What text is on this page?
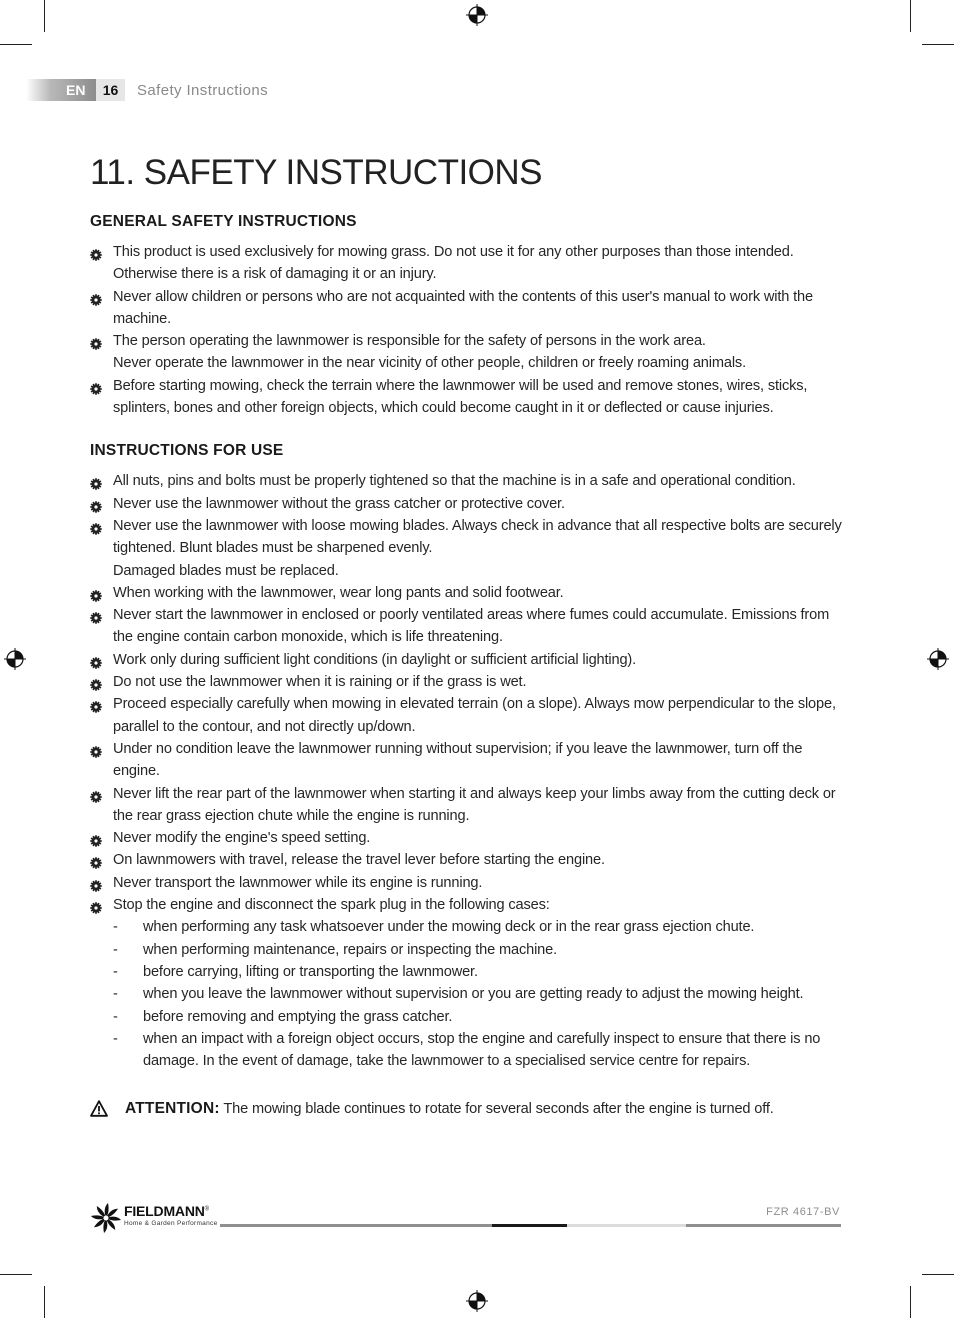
EN	16	Safety Instructions
11. SAFETY INSTRUCTIONS
GENERAL SAFETY INSTRUCTIONS
This product is used exclusively for mowing grass. Do not use it for any other purposes than those intended. Otherwise there is a risk of damaging it or an injury.
Never allow children or persons who are not acquainted with the contents of this user's manual to work with the machine.
The person operating the lawnmower is responsible for the safety of persons in the work area.
Never operate the lawnmower in the near vicinity of other people, children or freely roaming animals.
Before starting mowing, check the terrain where the lawnmower will be used and remove stones, wires, sticks, splinters, bones and other foreign objects, which could become caught in it or deflected or cause injuries.
INSTRUCTIONS FOR USE
All nuts, pins and bolts must be properly tightened so that the machine is in a safe and operational condition.
Never use the lawnmower without the grass catcher or protective cover.
Never use the lawnmower with loose mowing blades. Always check in advance that all respective bolts are securely tightened. Blunt blades must be sharpened evenly.
Damaged blades must be replaced.
When working with the lawnmower, wear long pants and solid footwear.
Never start the lawnmower in enclosed or poorly ventilated areas where fumes could accumulate. Emissions from the engine contain carbon monoxide, which is life threatening.
Work only during sufficient light conditions (in daylight or sufficient artificial lighting).
Do not use the lawnmower when it is raining or if the grass is wet.
Proceed especially carefully when mowing in elevated terrain (on a slope). Always mow perpendicular to the slope, parallel to the contour, and not directly up/down.
Under no condition leave the lawnmower running without supervision; if you leave the lawnmower, turn off the engine.
Never lift the rear part of the lawnmower when starting it and always keep your limbs away from the cutting deck or the rear grass ejection chute while the engine is running.
Never modify the engine's speed setting.
On lawnmowers with travel, release the travel lever before starting the engine.
Never transport the lawnmower while its engine is running.
Stop the engine and disconnect the spark plug in the following cases:
- when performing any task whatsoever under the mowing deck or in the rear grass ejection chute.
- when performing maintenance, repairs or inspecting the machine.
- before carrying, lifting or transporting the lawnmower.
- when you leave the lawnmower without supervision or you are getting ready to adjust the mowing height.
- before removing and emptying the grass catcher.
- when an impact with a foreign object occurs, stop the engine and carefully inspect to ensure that there is no damage. In the event of damage, take the lawnmower to a specialised service centre for repairs.
ATTENTION: The mowing blade continues to rotate for several seconds after the engine is turned off.
FIELDMANN®
Home & Garden Performance
FZR 4617-BV
